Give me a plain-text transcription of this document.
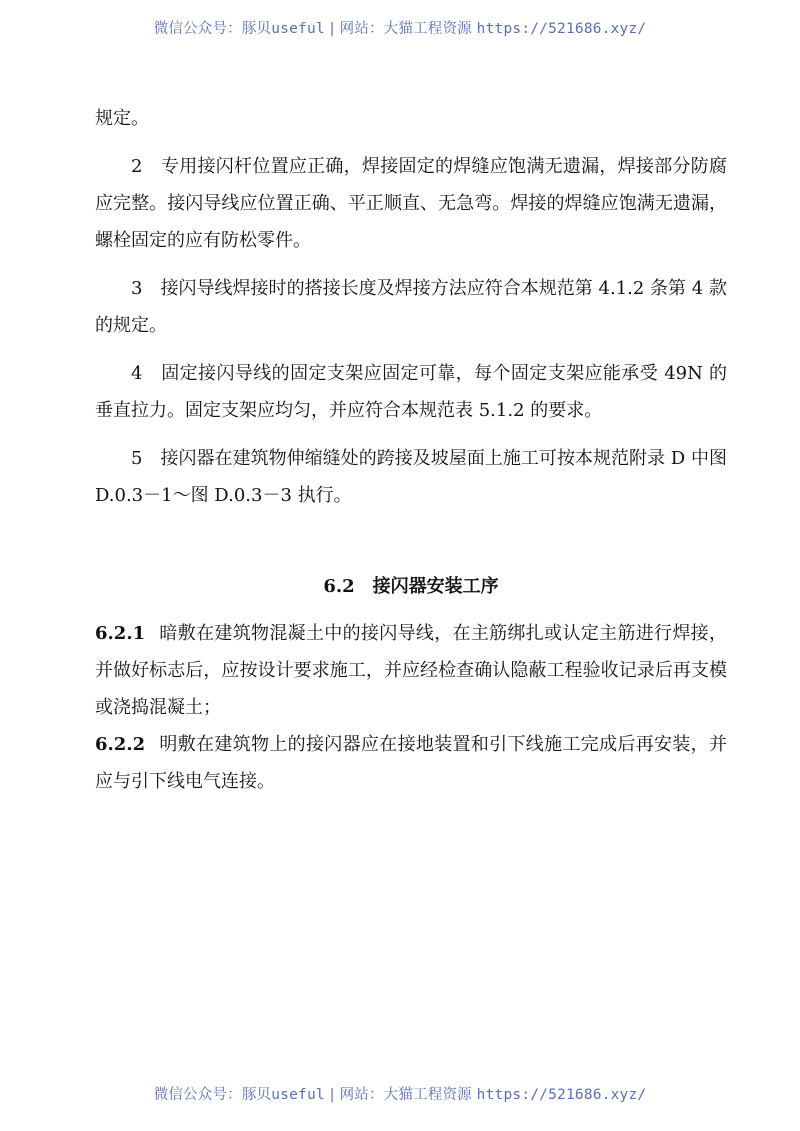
微信公众号：豚贝useful | 网站：大猫工程资源 https://521686.xyz/

规定。

2　专用接闪杆位置应正确，焊接固定的焊缝应饱满无遗漏，焊接部分防腐应完整。接闪导线应位置正确、平正顺直、无急弯。焊接的焊缝应饱满无遗漏，螺栓固定的应有防松零件。

3　接闪导线焊接时的搭接长度及焊接方法应符合本规范第 4.1.2 条第 4 款的规定。

4　固定接闪导线的固定支架应固定可靠，每个固定支架应能承受 49N 的垂直拉力。固定支架应均匀，并应符合本规范表 5.1.2 的要求。

5　接闪器在建筑物伸缩缝处的跨接及坡屋面上施工可按本规范附录 D 中图 D.0.3－1～图 D.0.3－3 执行。

6.2 接闪器安装工序

6.2.1 暗敷在建筑物混凝土中的接闪导线，在主筋绑扎或认定主筋进行焊接，并做好标志后，应按设计要求施工，并应经检查确认隐蔽工程验收记录后再支模或浇捣混凝土；

6.2.2 明敷在建筑物上的接闪器应在接地装置和引下线施工完成后再安装，并应与引下线电气连接。

微信公众号：豚贝useful | 网站：大猫工程资源 https://521686.xyz/
